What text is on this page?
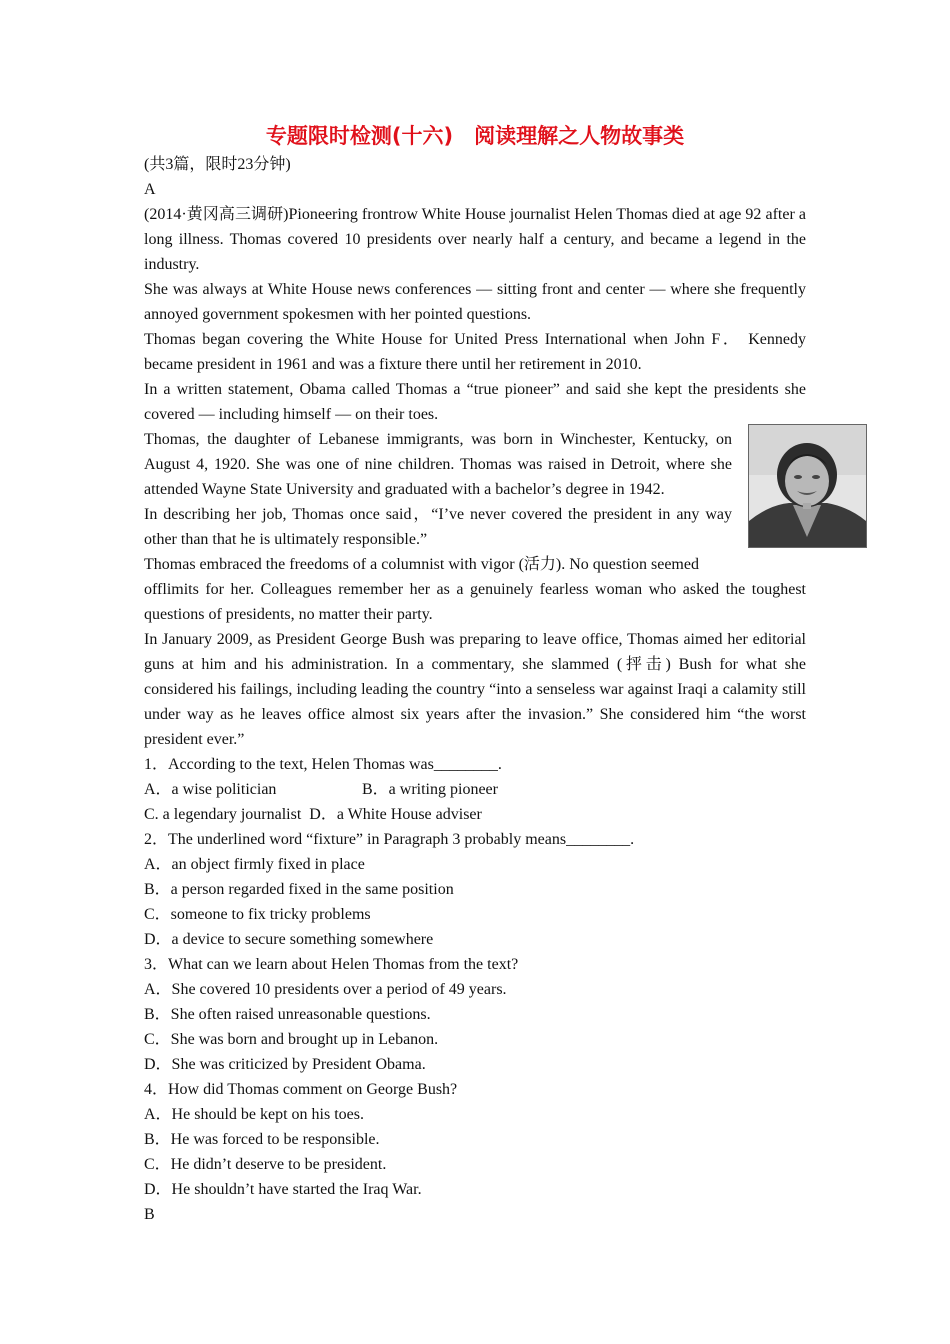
专题限时检测(十六)　阅读理解之人物故事类
(共3篇，限时23分钟)
A

(2014·黄冈高三调研)Pioneering frontrow White House journalist Helen Thomas died at age 92 after a long illness. Thomas covered 10 presidents over nearly half a century, and became a legend in the industry.

She was always at White House news conferences — sitting front and center — where she frequently annoyed government spokesmen with her pointed questions.

Thomas began covering the White House for United Press International when John F． Kennedy became president in 1961 and was a fixture there until her retirement in 2010.

In a written statement, Obama called Thomas a “true pioneer” and said she kept the presidents she covered — including himself — on their toes.

Thomas, the daughter of Lebanese immigrants, was born in Winchester, Kentucky, on August 4, 1920. She was one of nine children. Thomas was raised in Detroit, where she attended Wayne State University and graduated with a bachelor’s degree in 1942.

In describing her job, Thomas once said，“I’ve never covered the president in any way other than that he is ultimately responsible.”

Thomas embraced the freedoms of a columnist with vigor (活力). No question seemed

offlimits for her. Colleagues remember her as a genuinely fearless woman who asked the toughest questions of presidents, no matter their party.

In January 2009, as President George Bush was preparing to leave office, Thomas aimed her editorial guns at him and his administration. In a commentary, she slammed (抨击) Bush for what she considered his failings, including leading the country “into a senseless war against Iraqi a calamity still under way as he leaves office almost six years after the invasion.” She considered him “the worst president ever.”

1．According to the text, Helen Thomas was________.
A．a wise politician	B．a writing pioneer
C. a legendary journalist D．a White House adviser
2．The underlined word “fixture” in Paragraph 3 probably means________.
A．an object firmly fixed in place
B．a person regarded fixed in the same position
C．someone to fix tricky problems
D．a device to secure something somewhere
3．What can we learn about Helen Thomas from the text?
A．She covered 10 presidents over a period of 49 years.
B．She often raised unreasonable questions.
C．She was born and brought up in Lebanon.
D．She was criticized by President Obama.
4．How did Thomas comment on George Bush?
A．He should be kept on his toes.
B．He was forced to be responsible.
C．He didn’t deserve to be president.
D．He shouldn’t have started the Iraq War.
B
